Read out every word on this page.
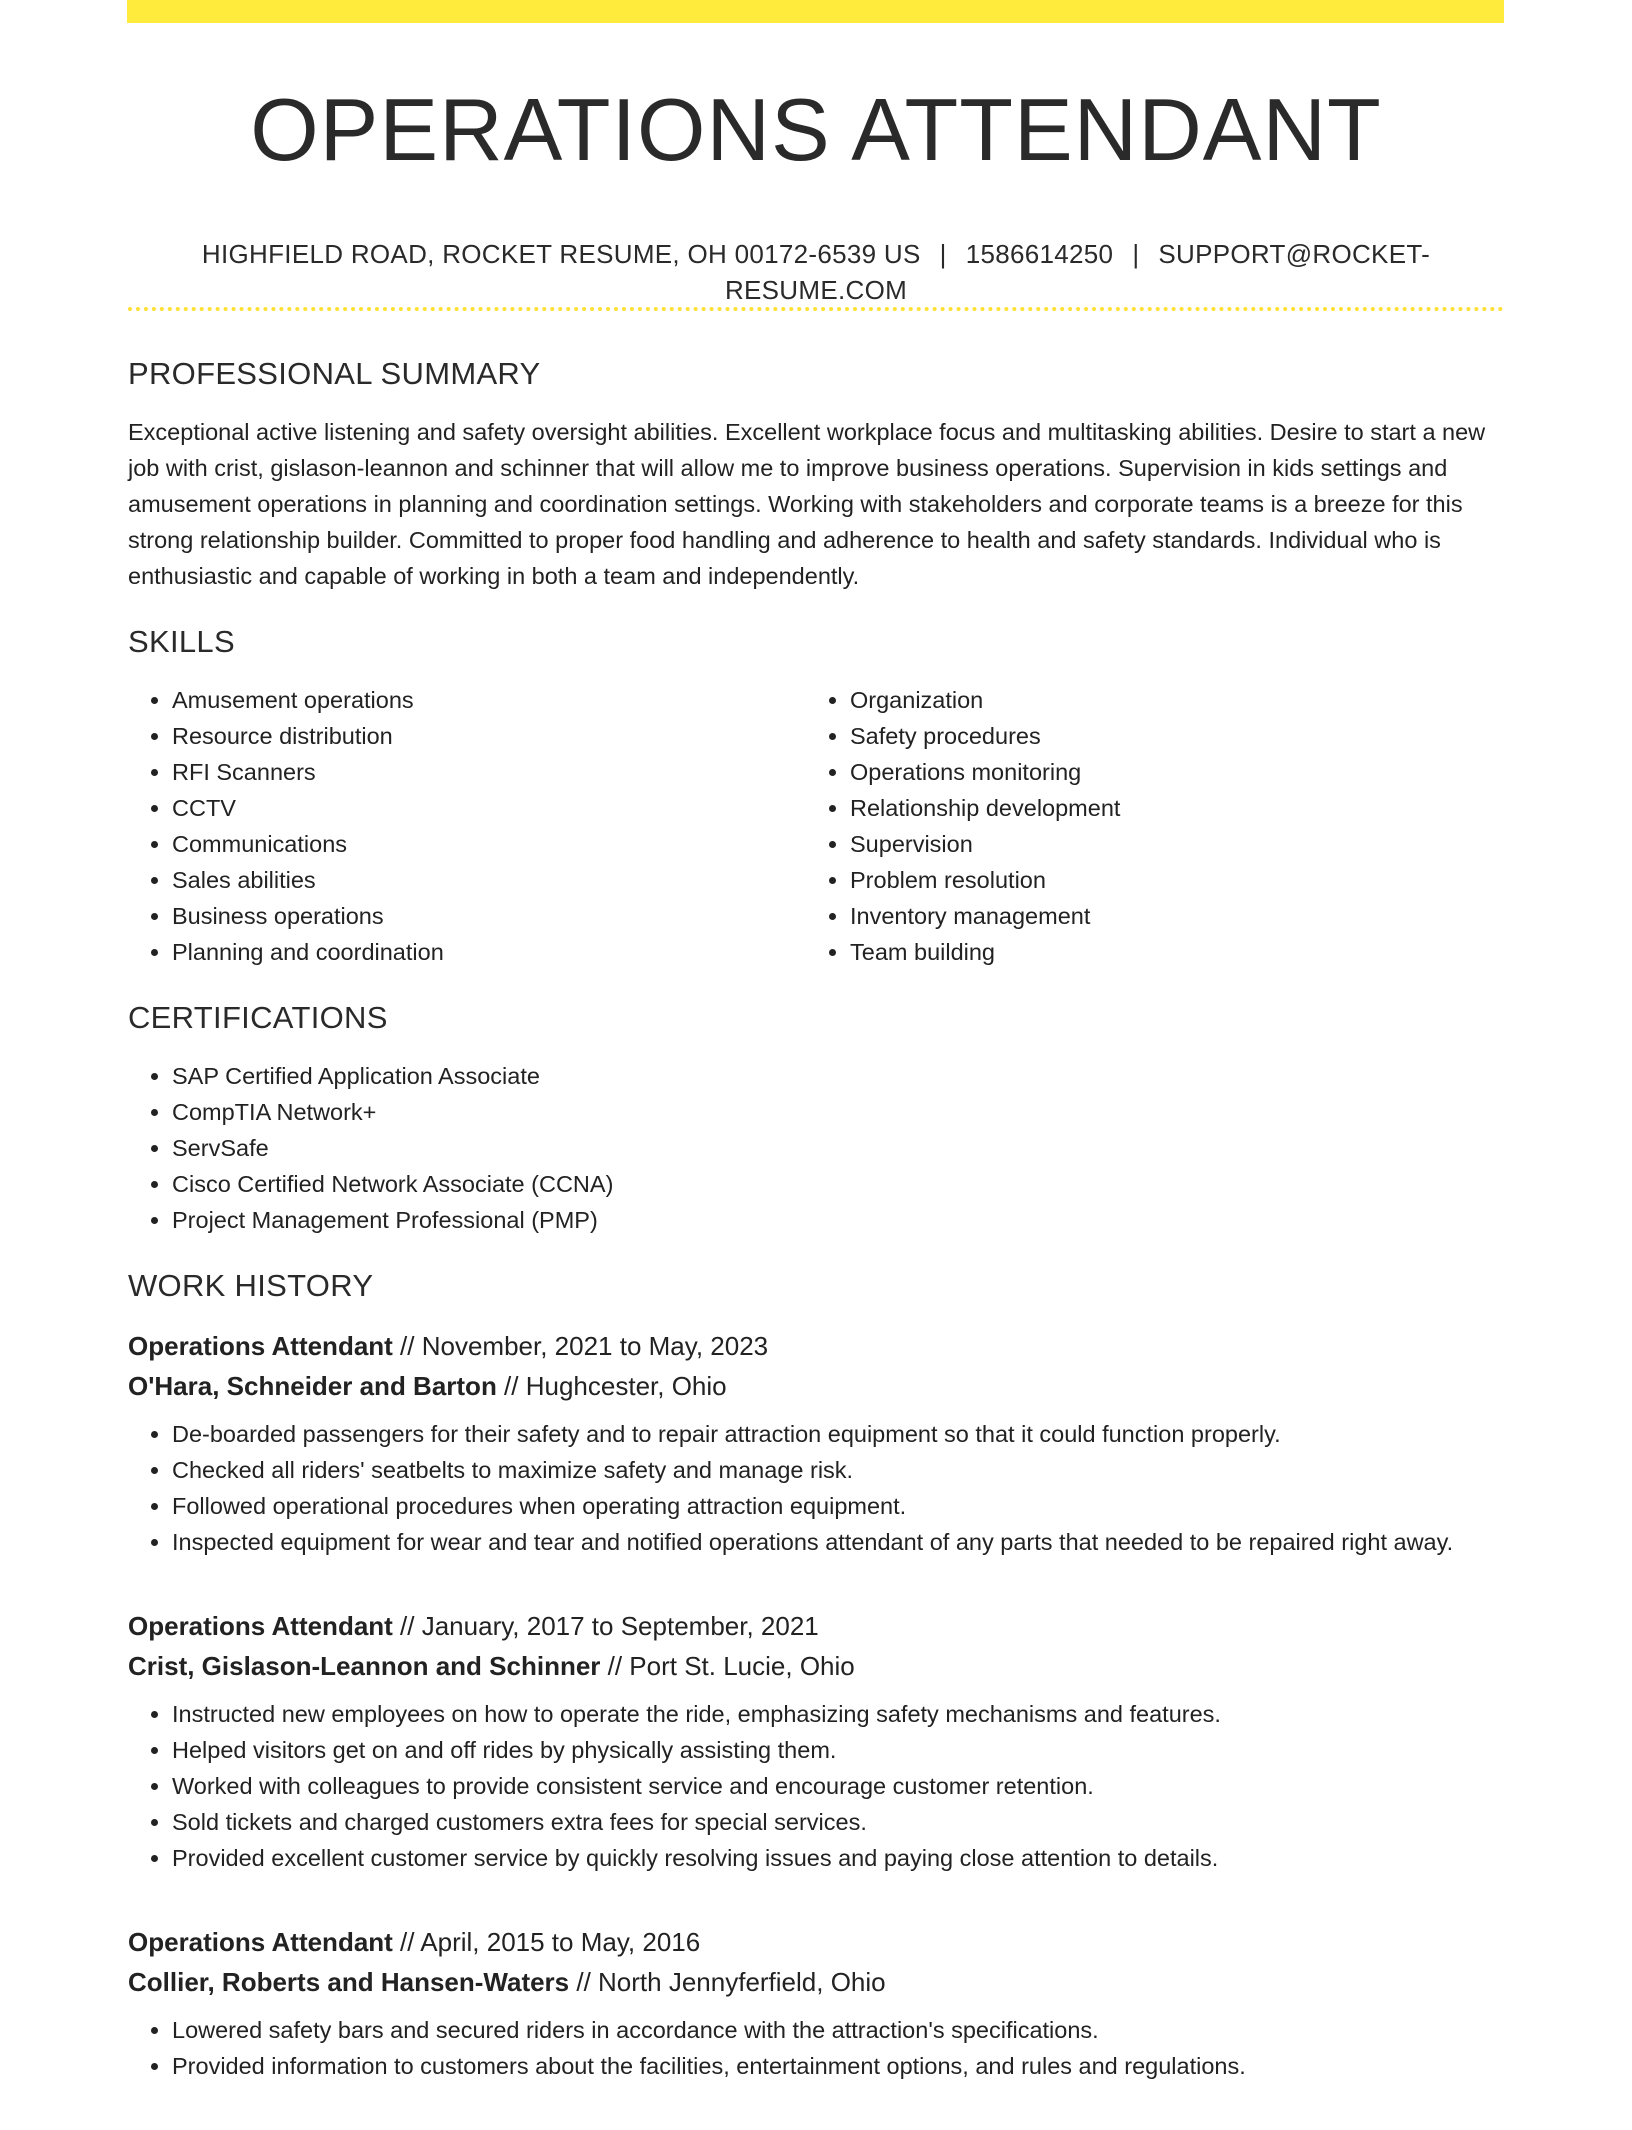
OPERATIONS ATTENDANT
HIGHFIELD ROAD, ROCKET RESUME, OH 00172-6539 US | 1586614250 | SUPPORT@ROCKET-RESUME.COM
PROFESSIONAL SUMMARY

Exceptional active listening and safety oversight abilities. Excellent workplace focus and multitasking abilities. Desire to start a new job with crist, gislason-leannon and schinner that will allow me to improve business operations. Supervision in kids settings and amusement operations in planning and coordination settings. Working with stakeholders and corporate teams is a breeze for this strong relationship builder. Committed to proper food handling and adherence to health and safety standards. Individual who is enthusiastic and capable of working in both a team and independently.

SKILLS
• Amusement operations
• Resource distribution
• RFI Scanners
• CCTV
• Communications
• Sales abilities
• Business operations
• Planning and coordination
• Organization
• Safety procedures
• Operations monitoring
• Relationship development
• Supervision
• Problem resolution
• Inventory management
• Team building
CERTIFICATIONS
• SAP Certified Application Associate
• CompTIA Network+
• ServSafe
• Cisco Certified Network Associate (CCNA)
• Project Management Professional (PMP)
WORK HISTORY
Operations Attendant // November, 2021 to May, 2023
O'Hara, Schneider and Barton // Hughcester, Ohio
• De-boarded passengers for their safety and to repair attraction equipment so that it could function properly.
• Checked all riders' seatbelts to maximize safety and manage risk.
• Followed operational procedures when operating attraction equipment.
• Inspected equipment for wear and tear and notified operations attendant of any parts that needed to be repaired right away.
Operations Attendant // January, 2017 to September, 2021
Crist, Gislason-Leannon and Schinner // Port St. Lucie, Ohio
• Instructed new employees on how to operate the ride, emphasizing safety mechanisms and features.
• Helped visitors get on and off rides by physically assisting them.
• Worked with colleagues to provide consistent service and encourage customer retention.
• Sold tickets and charged customers extra fees for special services.
• Provided excellent customer service by quickly resolving issues and paying close attention to details.
Operations Attendant // April, 2015 to May, 2016
Collier, Roberts and Hansen-Waters // North Jennyferfield, Ohio
• Lowered safety bars and secured riders in accordance with the attraction's specifications.
• Provided information to customers about the facilities, entertainment options, and rules and regulations.
